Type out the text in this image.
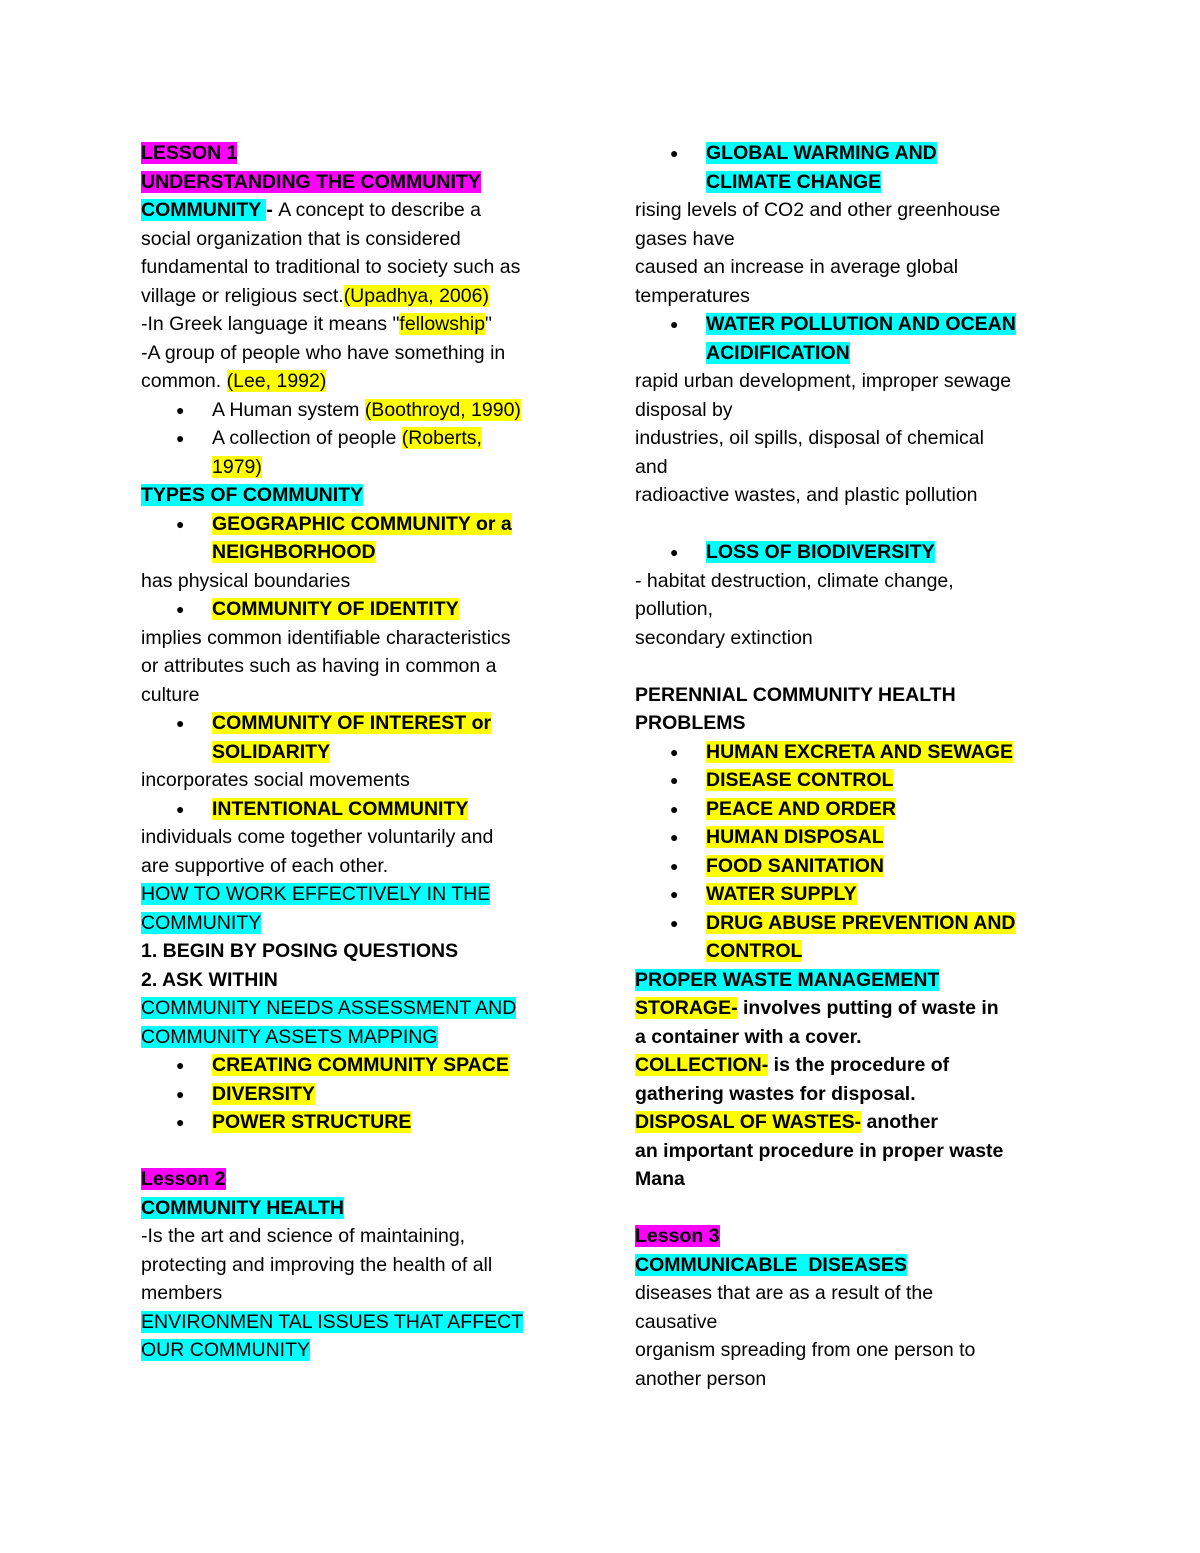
LESSON 1

UNDERSTANDING THE COMMUNITY

COMMUNITY - A concept to describe a

social organization that is considered

fundamental to traditional to society such as

village or religious sect.(Upadhya, 2006)

-In Greek language it means "fellowship"

-A group of people who have something in

common. (Lee, 1992)

● A Human system (Boothroyd, 1990)

● A collection of people (Roberts,

1979)

TYPES OF COMMUNITY

● GEOGRAPHIC COMMUNITY or a

NEIGHBORHOOD

has physical boundaries

● COMMUNITY OF IDENTITY

implies common identifiable characteristics

or attributes such as having in common a

culture

● COMMUNITY OF INTEREST or

SOLIDARITY

incorporates social movements

● INTENTIONAL COMMUNITY

individuals come together voluntarily and

are supportive of each other.

HOW TO WORK EFFECTIVELY IN THE

COMMUNITY

1. BEGIN BY POSING QUESTIONS

2. ASK WITHIN

COMMUNITY NEEDS ASSESSMENT AND

COMMUNITY ASSETS MAPPING

● CREATING COMMUNITY SPACE

● DIVERSITY

● POWER STRUCTURE

Lesson 2

COMMUNITY HEALTH

-Is the art and science of maintaining,

protecting and improving the health of all

members

ENVIRONMEN TAL ISSUES THAT AFFECT

OUR COMMUNITY

● GLOBAL WARMING AND

CLIMATE CHANGE

rising levels of CO2 and other greenhouse

gases have

caused an increase in average global

temperatures

● WATER POLLUTION AND OCEAN

ACIDIFICATION

rapid urban development, improper sewage

disposal by

industries, oil spills, disposal of chemical

and

radioactive wastes, and plastic pollution

● LOSS OF BIODIVERSITY

- habitat destruction, climate change,

pollution,

secondary extinction

PERENNIAL COMMUNITY HEALTH

PROBLEMS

● HUMAN EXCRETA AND SEWAGE

● DISEASE CONTROL

● PEACE AND ORDER

● HUMAN DISPOSAL

● FOOD SANITATION

● WATER SUPPLY

● DRUG ABUSE PREVENTION AND

CONTROL

PROPER WASTE MANAGEMENT

STORAGE- involves putting of waste in

a container with a cover.

COLLECTION- is the procedure of

gathering wastes for disposal.

DISPOSAL OF WASTES- another

an important procedure in proper waste

Mana

Lesson 3

COMMUNICABLE  DISEASES

diseases that are as a result of the

causative

organism spreading from one person to

another person
